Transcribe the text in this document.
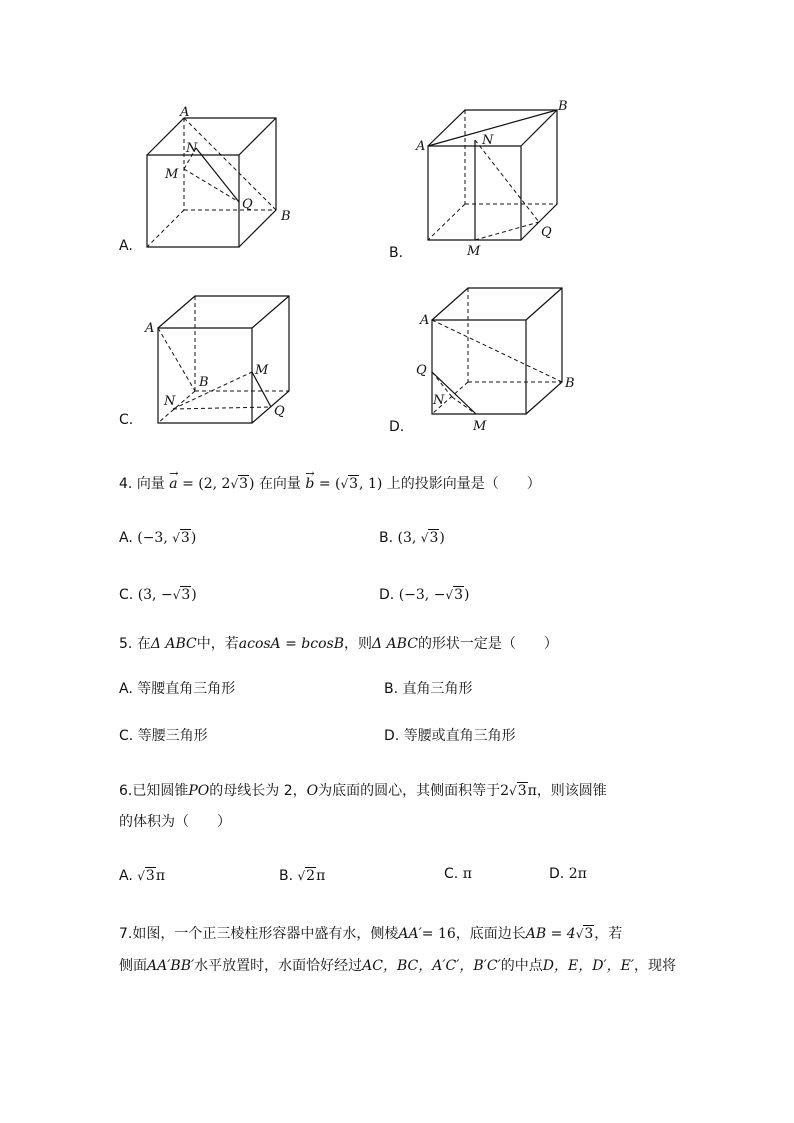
A
N
M
Q
B
A.
B
A	N
Q
M
B.
A
B
M
N
Q
C.
A
Q
B
N
M
D.
4. 向量
→
a = (2, 2√3) 在向量
→
b = (√3, 1) 上的投影向量是（　　）
A. (−3, √3)	B. (3, √3)
C. (3, −√3)	D. (−3, −√3)
5. 在Δ ABC中，若acosA = bcosB，则Δ ABC的形状一定是（　　）
A. 等腰直角三角形	B. 直角三角形
C. 等腰三角形	D. 等腰或直角三角形
6.已知圆锥PO的母线长为 2，O为底面的圆心，其侧面积等于2√3π，则该圆锥
的体积为（　　）
A. √3π	B. √2π	C. π	D. 2π
7.如图，一个正三棱柱形容器中盛有水，侧棱AA′= 16，底面边长AB = 4√3，若
侧面AA′BB′水平放置时，水面恰好经过AC，BC，A′C′，B′C′的中点D，E，D′，E′，现将
